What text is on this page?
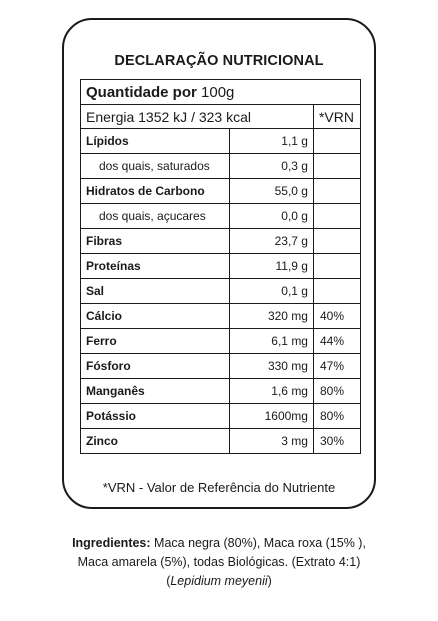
DECLARAÇÃO NUTRICIONAL
Quantidade por 100g		
Energia 1352 kJ / 323 kcal		*VRN
Lípidos	1,1 g	
dos quais, saturados	0,3 g	
Hidratos de Carbono	55,0 g	
dos quais, açucares	0,0 g	
Fibras	23,7 g	
Proteínas	11,9 g	
Sal	0,1 g	
Cálcio	320 mg	40%
Ferro	6,1 mg	44%
Fósforo	330 mg	47%
Manganês	1,6 mg	80%
Potássio	1600mg	80%
Zinco	3 mg	30%
*VRN - Valor de Referência do Nutriente
Ingredientes: Maca negra (80%), Maca roxa (15% ),
Maca amarela (5%), todas Biológicas. (Extrato 4:1)
(Lepidium meyenii)
